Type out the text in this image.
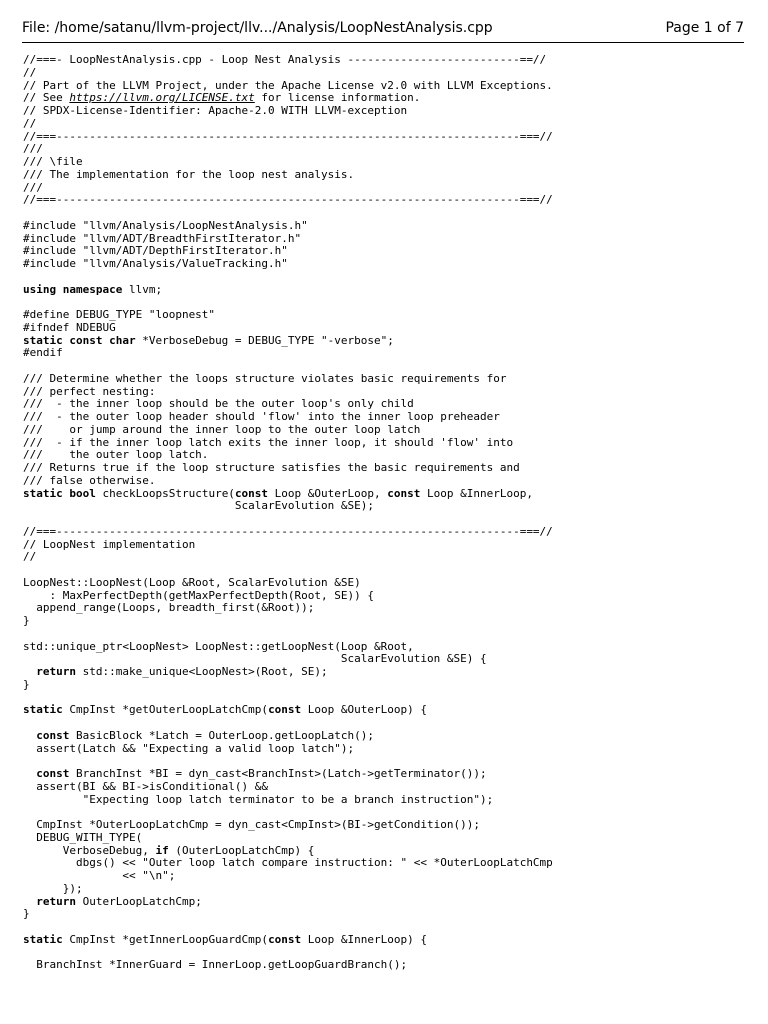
File: /home/satanu/llvm-project/llv.../Analysis/LoopNestAnalysis.cpp	Page 1 of 7
//===- LoopNestAnalysis.cpp - Loop Nest Analysis --------------------------==//
//
// Part of the LLVM Project, under the Apache License v2.0 with LLVM Exceptions.
// See https://llvm.org/LICENSE.txt for license information.
// SPDX-License-Identifier: Apache-2.0 WITH LLVM-exception
//
//===----------------------------------------------------------------------===//
///
/// \file
/// The implementation for the loop nest analysis.
///
//===----------------------------------------------------------------------===//

#include "llvm/Analysis/LoopNestAnalysis.h"
#include "llvm/ADT/BreadthFirstIterator.h"
#include "llvm/ADT/DepthFirstIterator.h"
#include "llvm/Analysis/ValueTracking.h"

using namespace llvm;

#define DEBUG_TYPE "loopnest"
#ifndef NDEBUG
static const char *VerboseDebug = DEBUG_TYPE "-verbose";
#endif

/// Determine whether the loops structure violates basic requirements for
/// perfect nesting:
///  - the inner loop should be the outer loop's only child
///  - the outer loop header should 'flow' into the inner loop preheader
///    or jump around the inner loop to the outer loop latch
///  - if the inner loop latch exits the inner loop, it should 'flow' into
///    the outer loop latch.
/// Returns true if the loop structure satisfies the basic requirements and
/// false otherwise.
static bool checkLoopsStructure(const Loop &OuterLoop, const Loop &InnerLoop,
ScalarEvolution &SE);

//===----------------------------------------------------------------------===//
// LoopNest implementation
//

LoopNest::LoopNest(Loop &Root, ScalarEvolution &SE)
: MaxPerfectDepth(getMaxPerfectDepth(Root, SE)) {
append_range(Loops, breadth_first(&Root));
}

std::unique_ptr<LoopNest> LoopNest::getLoopNest(Loop &Root,
ScalarEvolution &SE) {
return std::make_unique<LoopNest>(Root, SE);
}

static CmpInst *getOuterLoopLatchCmp(const Loop &OuterLoop) {

const BasicBlock *Latch = OuterLoop.getLoopLatch();
assert(Latch && "Expecting a valid loop latch");

const BranchInst *BI = dyn_cast<BranchInst>(Latch->getTerminator());
assert(BI && BI->isConditional() &&
"Expecting loop latch terminator to be a branch instruction");

CmpInst *OuterLoopLatchCmp = dyn_cast<CmpInst>(BI->getCondition());
DEBUG_WITH_TYPE(
VerboseDebug, if (OuterLoopLatchCmp) {
dbgs() << "Outer loop latch compare instruction: " << *OuterLoopLatchCmp
<< "\n";
});
return OuterLoopLatchCmp;
}

static CmpInst *getInnerLoopGuardCmp(const Loop &InnerLoop) {

BranchInst *InnerGuard = InnerLoop.getLoopGuardBranch();
